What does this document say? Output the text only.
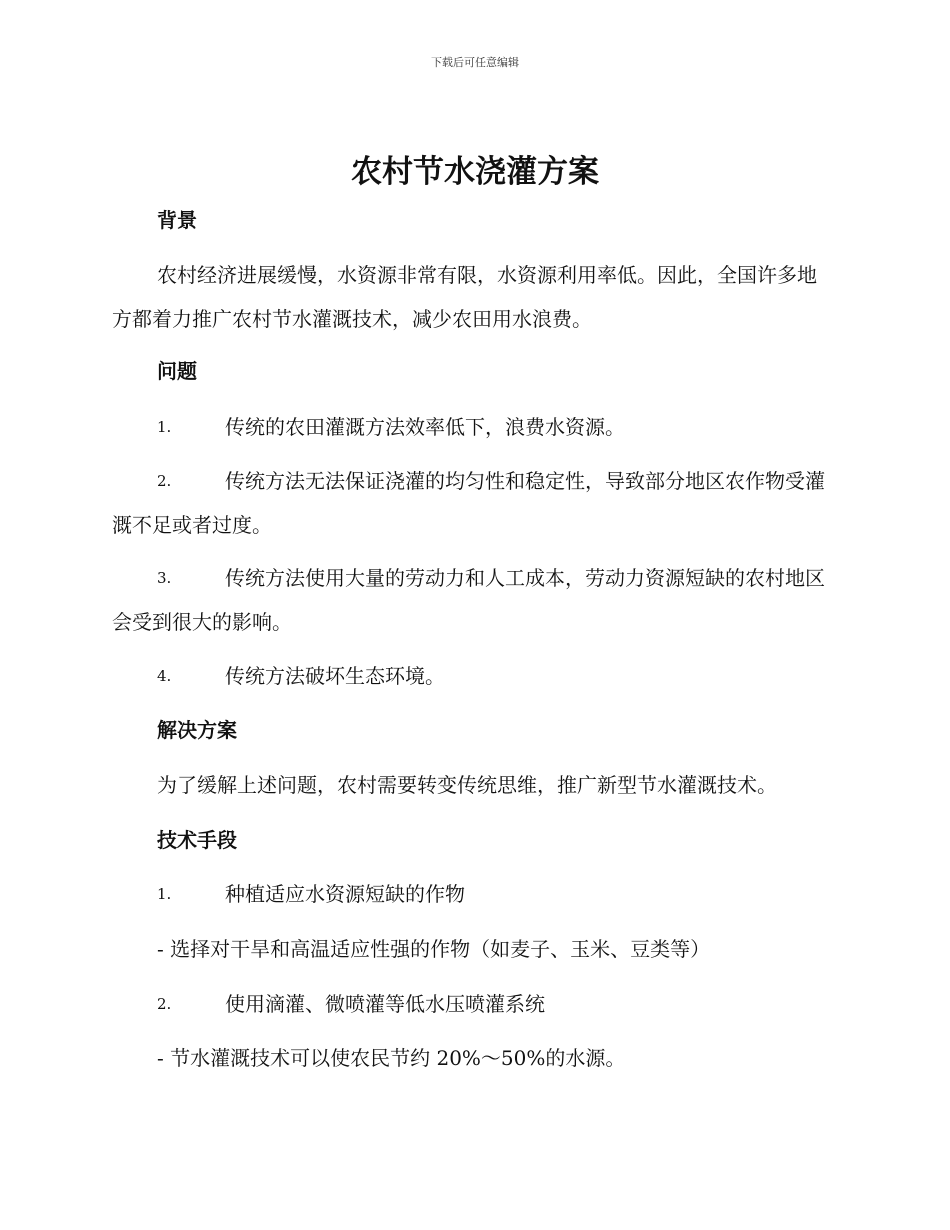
下载后可任意编辑
农村节水浇灌方案
背景

农村经济进展缓慢，水资源非常有限，水资源利用率低。因此，全国许多地方都着力推广农村节水灌溉技术，减少农田用水浪费。

问题
1.	传统的农田灌溉方法效率低下，浪费水资源。

2.	传统方法无法保证浇灌的均匀性和稳定性，导致部分地区农作物受灌溉不足或者过度。

3.	传统方法使用大量的劳动力和人工成本，劳动力资源短缺的农村地区会受到很大的影响。

4.	传统方法破坏生态环境。

解决方案

为了缓解上述问题，农村需要转变传统思维，推广新型节水灌溉技术。

技术手段
1.	种植适应水资源短缺的作物

- 选择对干旱和高温适应性强的作物（如麦子、玉米、豆类等）
2.	使用滴灌、微喷灌等低水压喷灌系统

- 节水灌溉技术可以使农民节约 20%～50%的水源。
